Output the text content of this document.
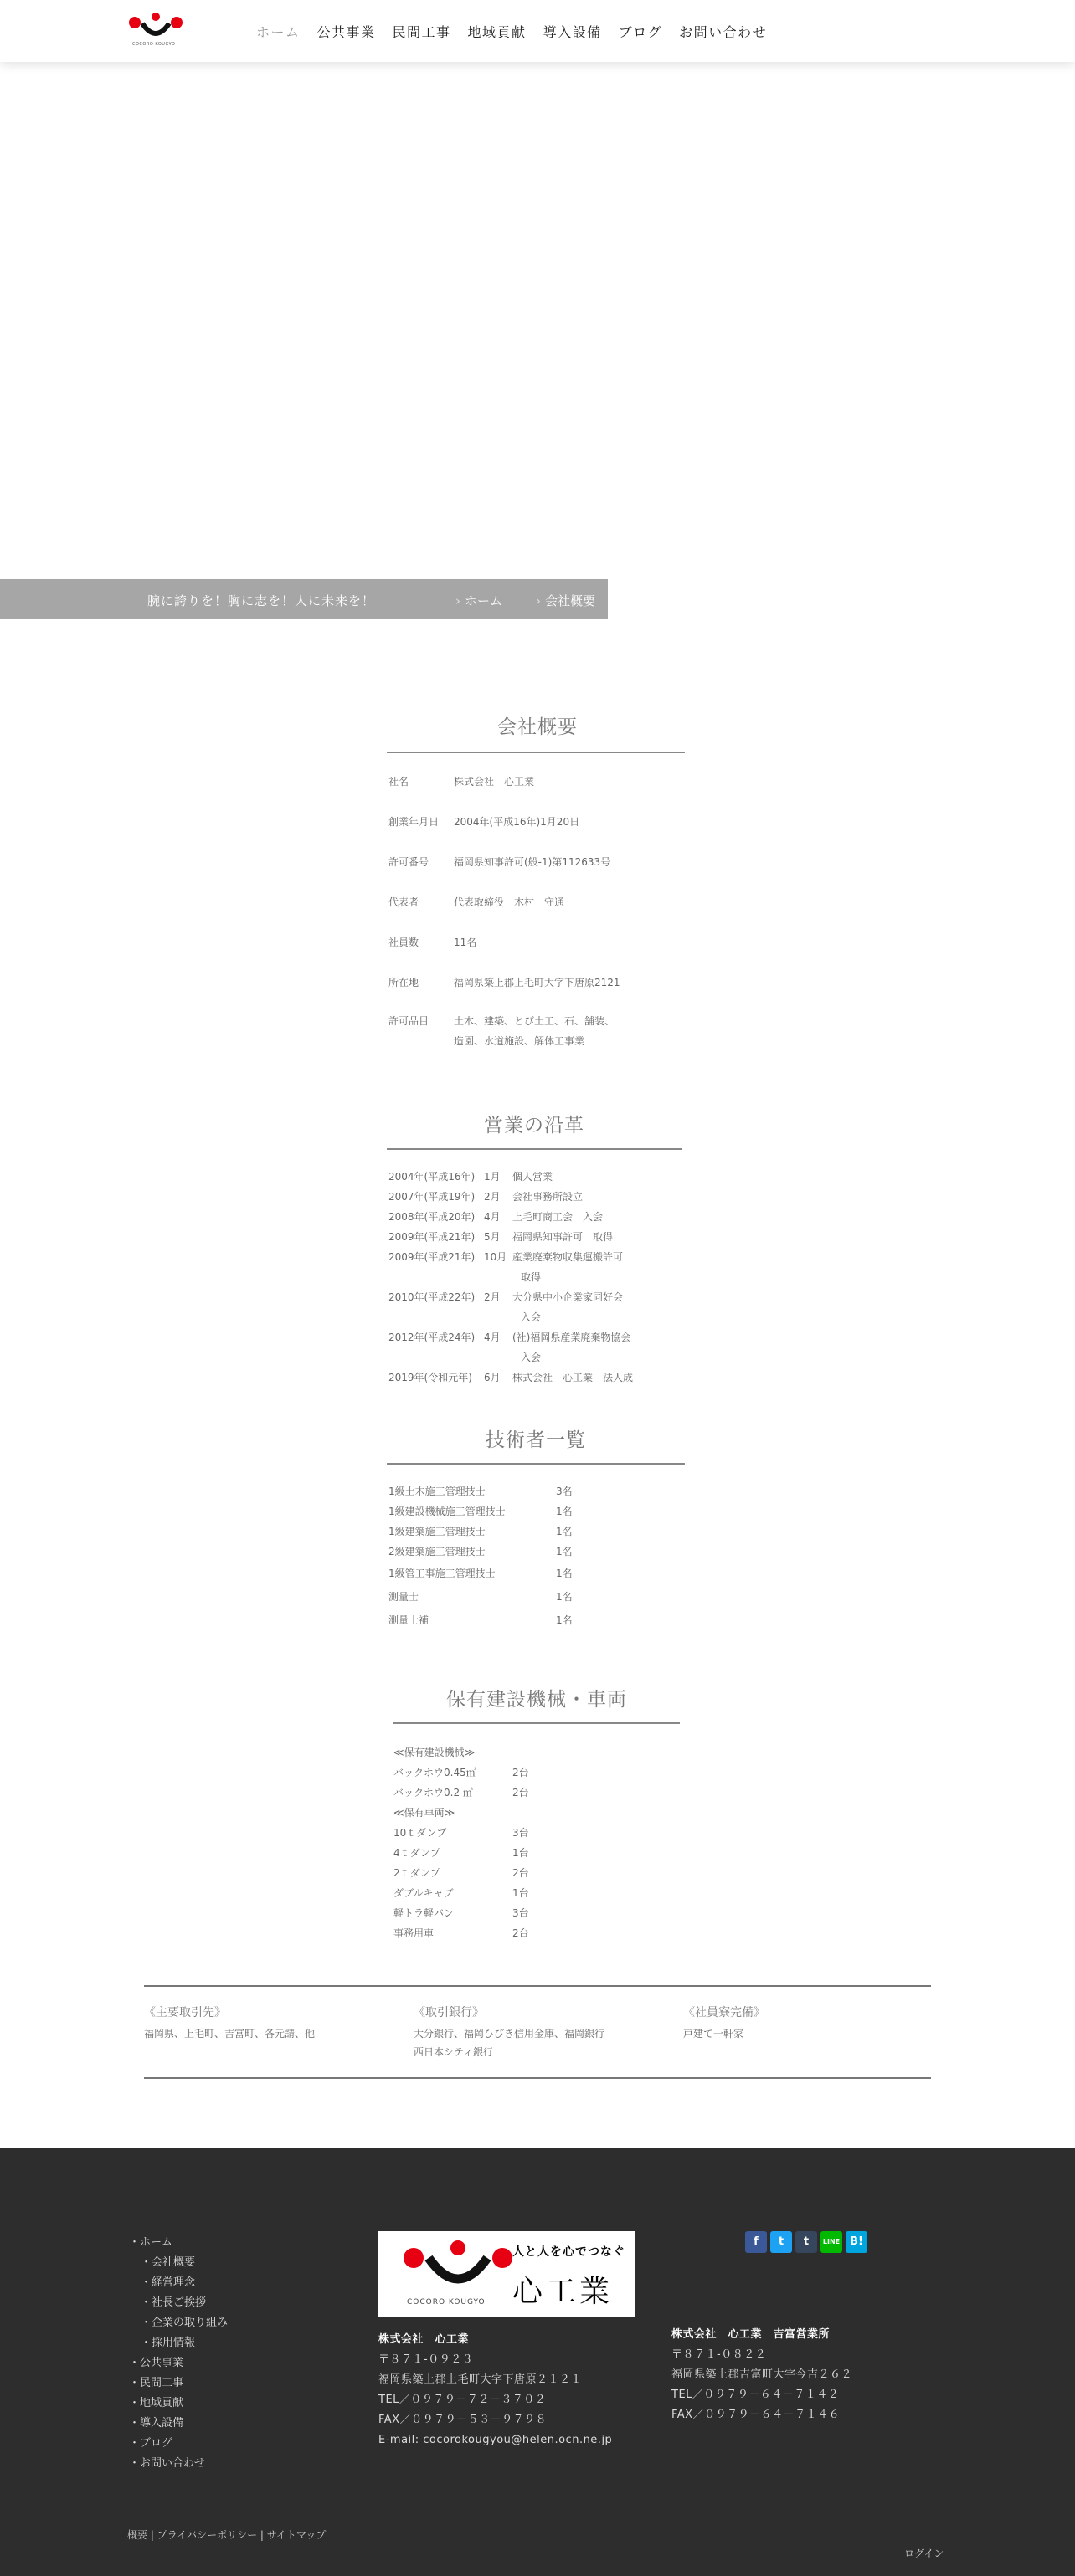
COCORO KOUGYO
ホーム 公共事業 民間工事 地域貢献 導入設備 ブログ お問い合わせ
腕に誇りを！胸に志を！人に未来を！	› ホーム	› 会社概要
会社概要
社名	株式会社　心工業
創業年月日 2004年(平成16年)1月20日
許可番号 福岡県知事許可(般-1)第112633号
代表者	代表取締役　木村　守通
社員数	11名
所在地	福岡県築上郡上毛町大字下唐原2121
許可品目 土木、建築、とび土工、石、舗装、
造園、水道施設、解体工事業
営業の沿革
2004年(平成16年) 1月 個人営業
2007年(平成19年) 2月 会社事務所設立
2008年(平成20年) 4月 上毛町商工会　入会
2009年(平成21年) 5月 福岡県知事許可　取得
2009年(平成21年) 10月 産業廃棄物収集運搬許可
取得
2010年(平成22年) 2月 大分県中小企業家同好会
入会
2012年(平成24年) 4月 (社)福岡県産業廃棄物協会
入会
2019年(令和元年) 6月 株式会社　心工業　法人成
技術者一覧
1級土木施工管理技士	3名
1級建設機械施工管理技士	1名
1級建築施工管理技士	1名
2級建築施工管理技士	1名
1級管工事施工管理技士	1名
測量士	1名
測量士補	1名
保有建設機械・車両
≪保有建設機械≫
バックホウ0.45㎥	2台
バックホウ0.2 ㎥	2台
≪保有車両≫
10ｔダンプ	3台
4ｔダンプ	1台
2ｔダンプ	2台
ダブルキャブ	1台
軽トラ軽バン	3台
事務用車	2台
《主要取引先》
福岡県、上毛町、吉富町、各元請、他
《取引銀行》
大分銀行、福岡ひびき信用金庫、福岡銀行
西日本シティ銀行
《社員寮完備》
戸建て一軒家
・ホーム
・会社概要
・経営理念
・社長ご挨拶
・企業の取り組み
・採用情報
・公共事業
・民間工事
・地域貢献
・導入設備
・ブログ
・お問い合わせ
人と人を心でつなぐ
心工業
COCORO KOUGYO
株式会社　心工業
〒８７１-０９２３
福岡県築上郡上毛町大字下唐原２１２１
TEL／０９７９－７２－３７０２
FAX／０９７９－５３－９７９８
E-mail: cocorokougyou@helen.ocn.ne.jp
f	t	t	LINE B!
株式会社　心工業　吉富営業所
〒８７１-０８２２
福岡県築上郡吉富町大字今吉２６２
TEL／０９７９－６４－７１４２
FAX／０９７９－６４－７１４６
概要 | プライバシーポリシー | サイトマップ
ログイン
